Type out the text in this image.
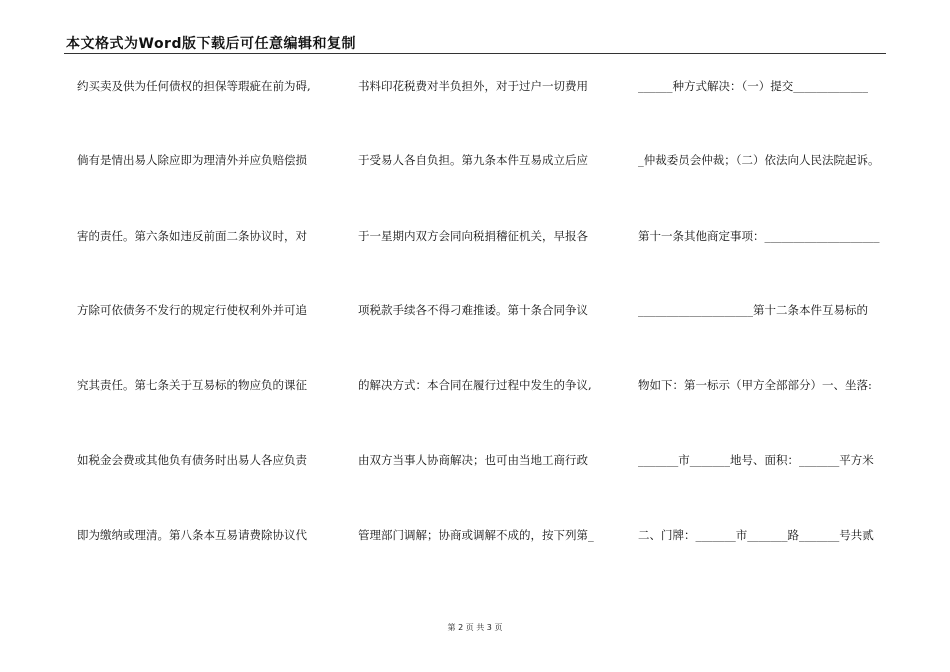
本文格式为Word版下载后可任意编辑和复制
约买卖及供为任何债权的担保等瑕疵在前为碍,
倘有是情出易人除应即为理清外并应负赔偿损
害的责任。第六条如违反前面二条协议时，对
方除可依债务不发行的规定行使权利外并可追
究其责任。第七条关于互易标的物应负的课征
如税金会费或其他负有债务时出易人各应负责
即为缴纳或理清。第八条本互易请费除协议代
书料印花税费对半负担外，对于过户一切费用
于受易人各自负担。第九条本件互易成立后应
于一星期内双方会同向税捐稽征机关，早报各
项税款手续各不得刁难推诿。第十条合同争议
的解决方式：本合同在履行过程中发生的争议,
由双方当事人协商解决；也可由当地工商行政
管理部门调解；协商或调解不成的，按下列第_
______种方式解决：（一）提交_____________
_仲裁委员会仲裁；（二）依法向人民法院起诉。
第十一条其他商定事项：____________________
____________________第十二条本件互易标的
物如下：第一标示（甲方全部部分）一、坐落:
_______市_______地号、面积：_______平方米
二、门牌：_______市_______路_______号共贰
第 2 页 共 3 页
